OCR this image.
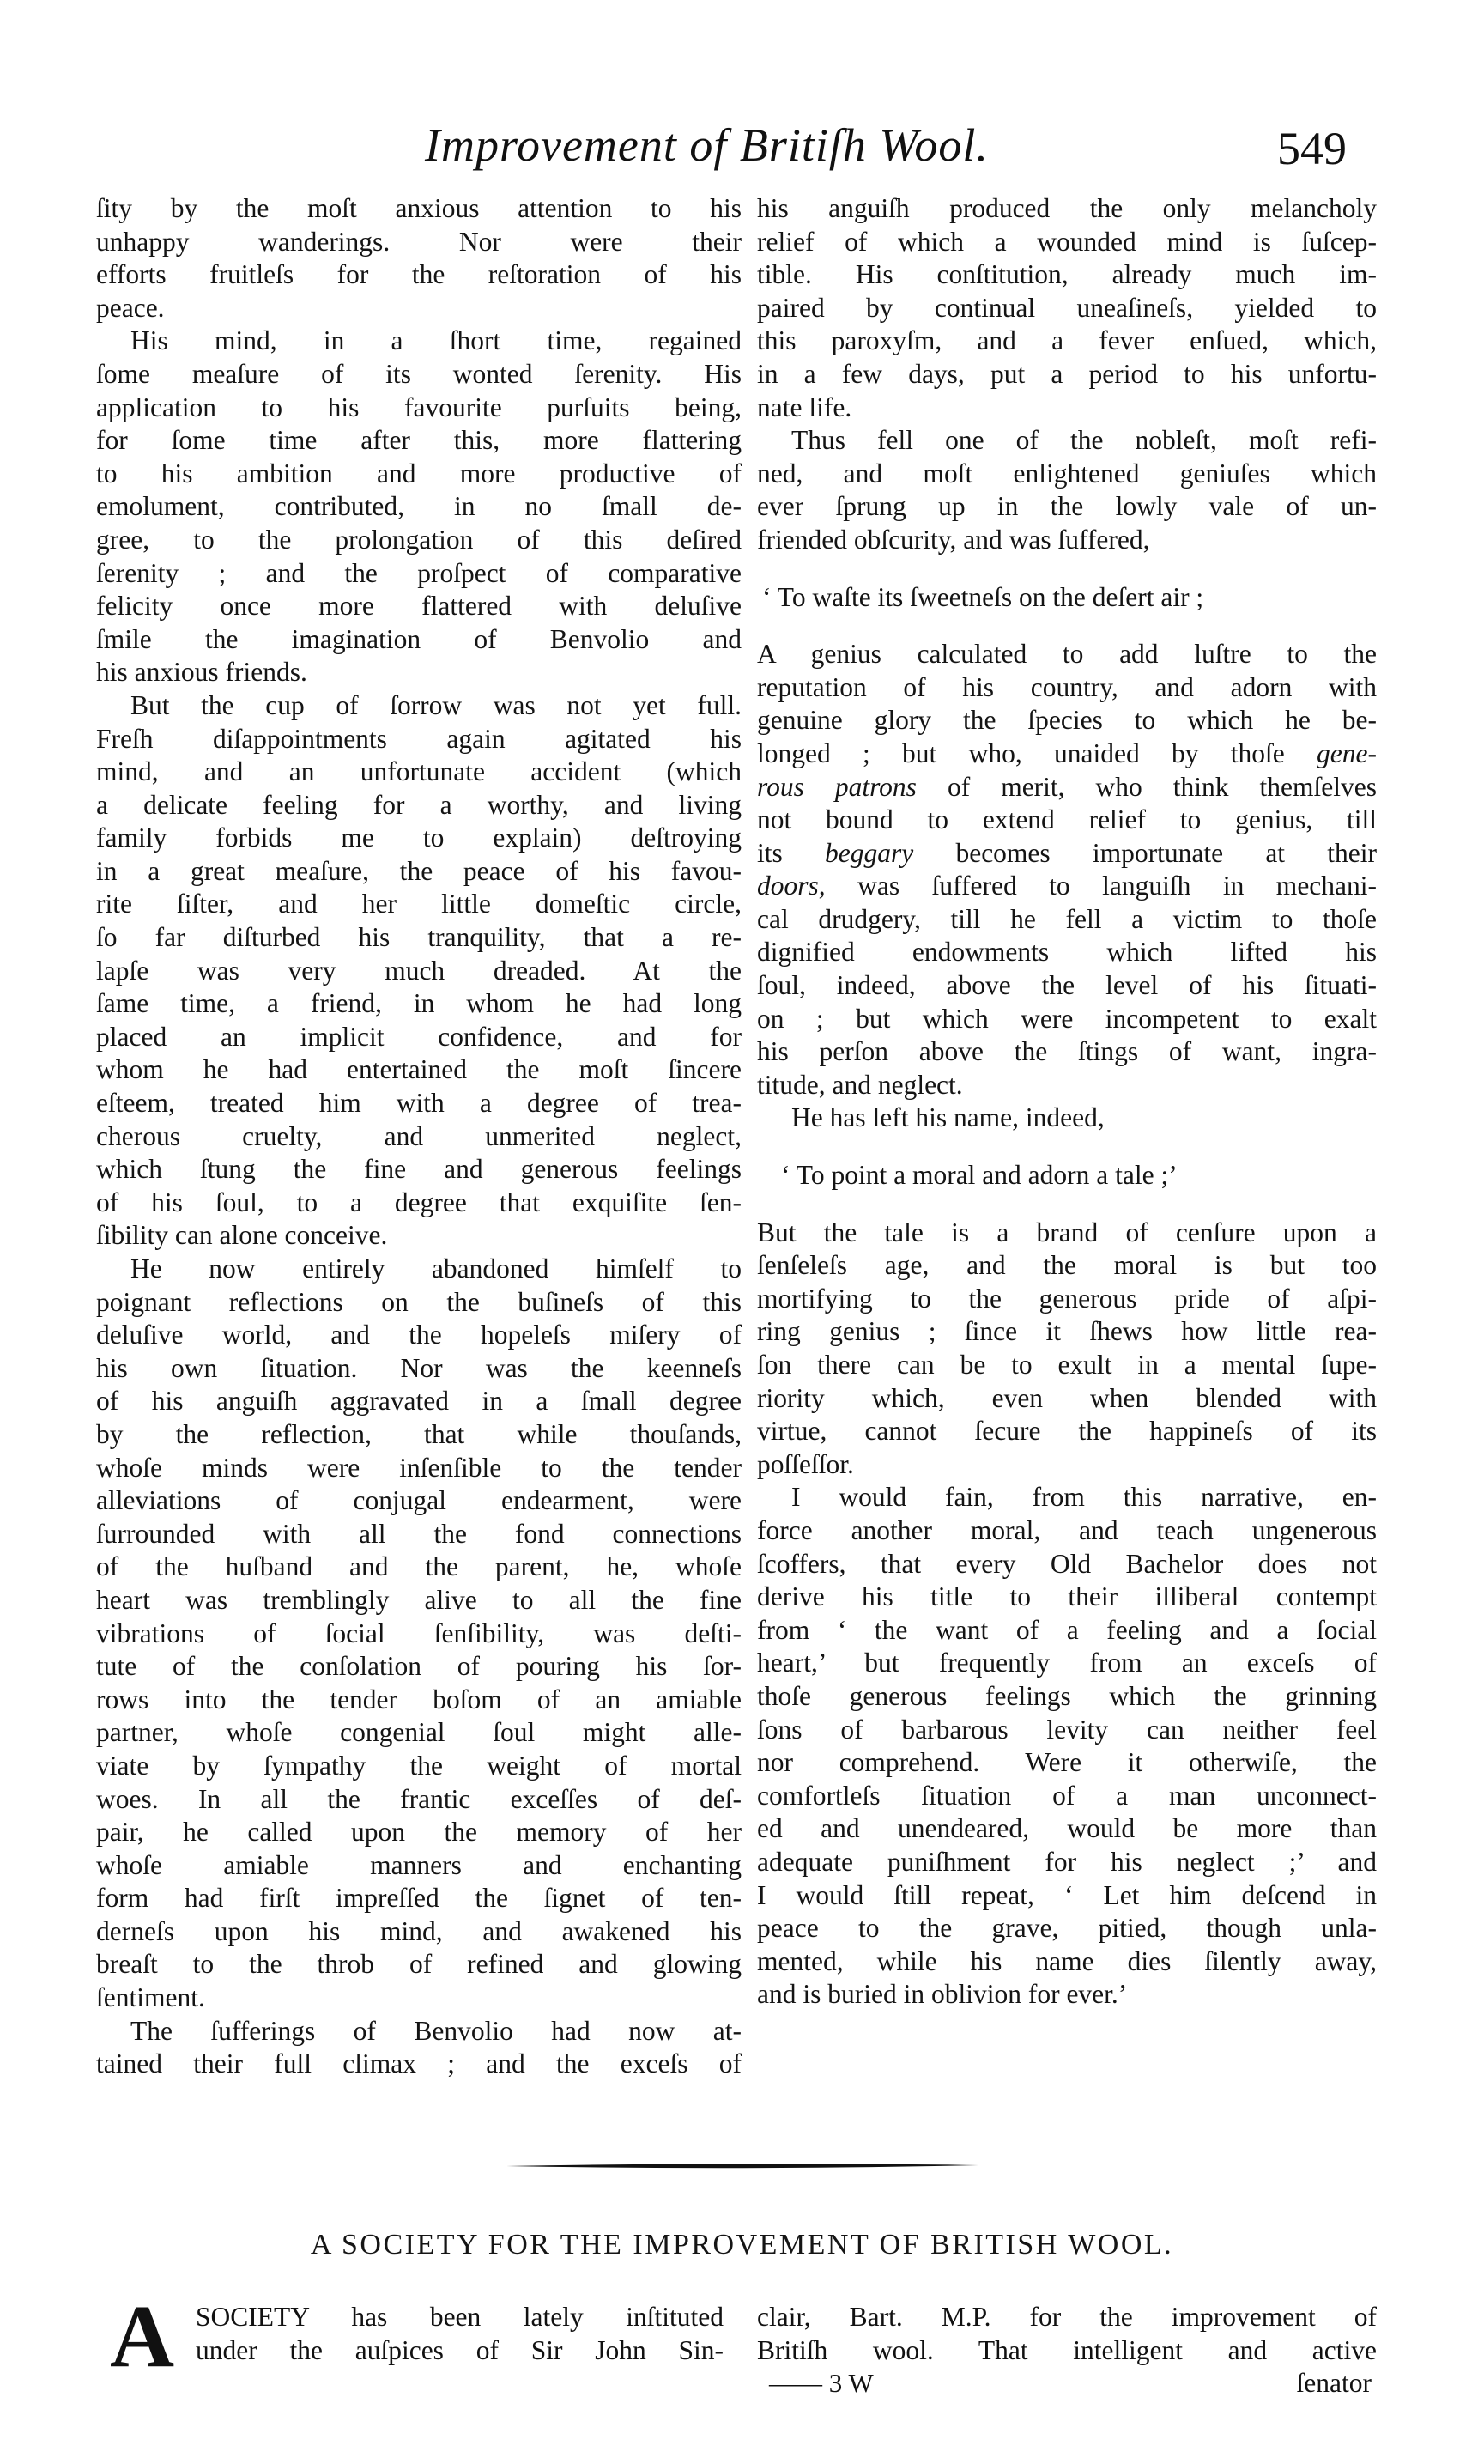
Improvement of Britiſh Wool.	549
ſity by the moſt anxious attention to his
unhappy wanderings. Nor were their
efforts fruitleſs for the reſtoration of his
peace.
His mind, in a ſhort time, regained
ſome meaſure of its wonted ſerenity. His
application to his favourite purſuits being,
for ſome time after this, more flattering
to his ambition and more productive of
emolument, contributed, in no ſmall de-
gree, to the prolongation of this deſired
ſerenity ; and the proſpect of comparative
felicity once more flattered with deluſive
ſmile the imagination of Benvolio and
his anxious friends.
But the cup of ſorrow was not yet full.
Freſh diſappointments again agitated his
mind, and an unfortunate accident (which
a delicate feeling for a worthy, and living
family forbids me to explain) deſtroying
in a great meaſure, the peace of his favou-
rite ſiſter, and her little domeſtic circle,
ſo far diſturbed his tranquility, that a re-
lapſe was very much dreaded. At the
ſame time, a friend, in whom he had long
placed an implicit confidence, and for
whom he had entertained the moſt ſincere
eſteem, treated him with a degree of trea-
cherous cruelty, and unmerited neglect,
which ſtung the fine and generous feelings
of his ſoul, to a degree that exquiſite ſen-
ſibility can alone conceive.
He now entirely abandoned himſelf to
poignant reflections on the buſineſs of this
deluſive world, and the hopeleſs miſery of
his own ſituation. Nor was the keenneſs
of his anguiſh aggravated in a ſmall degree
by the reflection, that while thouſands,
whoſe minds were inſenſible to the tender
alleviations of conjugal endearment, were
ſurrounded with all the fond connections
of the huſband and the parent, he, whoſe
heart was tremblingly alive to all the fine
vibrations of ſocial ſenſibility, was deſti-
tute of the conſolation of pouring his ſor-
rows into the tender boſom of an amiable
partner, whoſe congenial ſoul might alle-
viate by ſympathy the weight of mortal
woes. In all the frantic exceſſes of deſ-
pair, he called upon the memory of her
whoſe amiable manners and enchanting
form had firſt impreſſed the ſignet of ten-
derneſs upon his mind, and awakened his
breaſt to the throb of refined and glowing
ſentiment.
The ſufferings of Benvolio had now at-
tained their full climax ; and the exceſs of
his anguiſh produced the only melancholy
relief of which a wounded mind is ſuſcep-
tible. His conſtitution, already much im-
paired by continual uneaſineſs, yielded to
this paroxyſm, and a fever enſued, which,
in a few days, put a period to his unfortu-
nate life.
Thus fell one of the nobleſt, moſt refi-
ned, and moſt enlightened geniuſes which
ever ſprung up in the lowly vale of un-
friended obſcurity, and was ſuffered,
‘ To waſte its ſweetneſs on the deſert air ;
A genius calculated to add luſtre to the
reputation of his country, and adorn with
genuine glory the ſpecies to which he be-
longed ; but who, unaided by thoſe gene-
rous patrons of merit, who think themſelves
not bound to extend relief to genius, till
its beggary becomes importunate at their
doors, was ſuffered to languiſh in mechani-
cal drudgery, till he fell a victim to thoſe
dignified endowments which lifted his
ſoul, indeed, above the level of his ſituati-
on ; but which were incompetent to exalt
his perſon above the ſtings of want, ingra-
titude, and neglect.
He has left his name, indeed,
‘ To point a moral and adorn a tale ;’
But the tale is a brand of cenſure upon a
ſenſeleſs age, and the moral is but too
mortifying to the generous pride of aſpi-
ring genius ; ſince it ſhews how little rea-
ſon there can be to exult in a mental ſupe-
riority which, even when blended with
virtue, cannot ſecure the happineſs of its
poſſeſſor.
I would fain, from this narrative, en-
force another moral, and teach ungenerous
ſcoffers, that every Old Bachelor does not
derive his title to their illiberal contempt
from ‘ the want of a feeling and a ſocial
heart,’ but frequently from an exceſs of
thoſe generous feelings which the grinning
ſons of barbarous levity can neither feel
nor comprehend. Were it otherwiſe, the
comfortleſs ſituation of a man unconnect-
ed and unendeared, would be more than
adequate puniſhment for his neglect ;’ and
I would ſtill repeat, ‘ Let him deſcend in
peace to the grave, pitied, though unla-
mented, while his name dies ſilently away,
and is buried in oblivion for ever.’
A SOCIETY FOR THE IMPROVEMENT OF BRITISH WOOL.
A SOCIETY has been lately inſtituted
under the auſpices of Sir John Sin-
clair, Bart. M.P. for the improvement of
Britiſh wool. That intelligent and active
—— 3 W	ſenator
